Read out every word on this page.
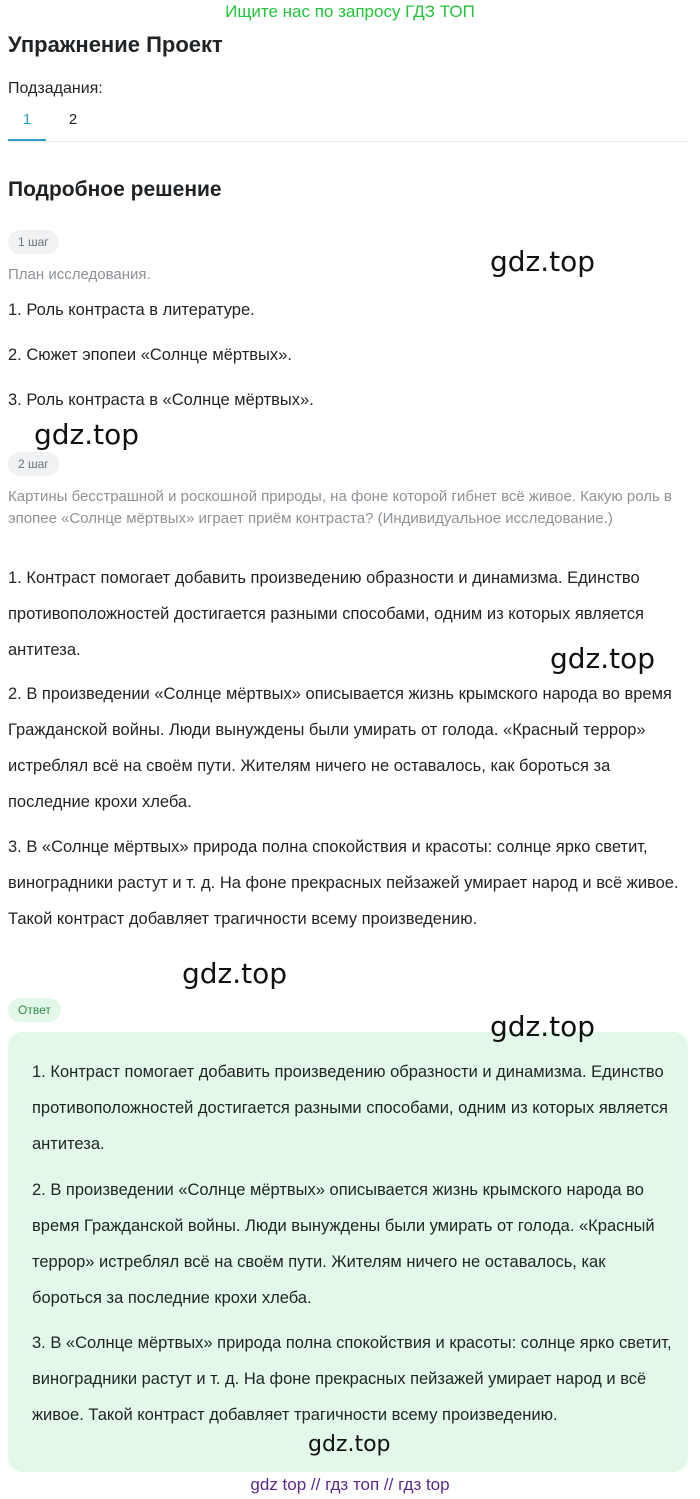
Ищите нас по запросу ГДЗ ТОП
Упражнение Проект
Подзадания:
1	2
Подробное решение
1 шаг
План исследования.
1. Роль контраста в литературе.
2. Сюжет эпопеи «Солнце мёртвых».
3. Роль контраста в «Солнце мёртвых».
2 шаг
Картины бесстрашной и роскошной природы, на фоне которой гибнет всё живое. Какую роль в эпопее «Солнце мёртвых» играет приём контраста? (Индивидуальное исследование.)
1. Контраст помогает добавить произведению образности и динамизма. Единство противоположностей достигается разными способами, одним из которых является антитеза.
2. В произведении «Солнце мёртвых» описывается жизнь крымского народа во время Гражданской войны. Люди вынуждены были умирать от голода. «Красный террор» истреблял всё на своём пути. Жителям ничего не оставалось, как бороться за последние крохи хлеба.
3. В «Солнце мёртвых» природа полна спокойствия и красоты: солнце ярко светит, виноградники растут и т. д. На фоне прекрасных пейзажей умирает народ и всё живое. Такой контраст добавляет трагичности всему произведению.
Ответ
1. Контраст помогает добавить произведению образности и динамизма. Единство противоположностей достигается разными способами, одним из которых является антитеза.
2. В произведении «Солнце мёртвых» описывается жизнь крымского народа во время Гражданской войны. Люди вынуждены были умирать от голода. «Красный террор» истреблял всё на своём пути. Жителям ничего не оставалось, как бороться за последние крохи хлеба.
3. В «Солнце мёртвых» природа полна спокойствия и красоты: солнце ярко светит, виноградники растут и т. д. На фоне прекрасных пейзажей умирает народ и всё живое. Такой контраст добавляет трагичности всему произведению.
gdz.top
gdz.top
gdz.top
gdz.top
gdz.top
gdz.top
gdz top // гдз топ // гдз top
